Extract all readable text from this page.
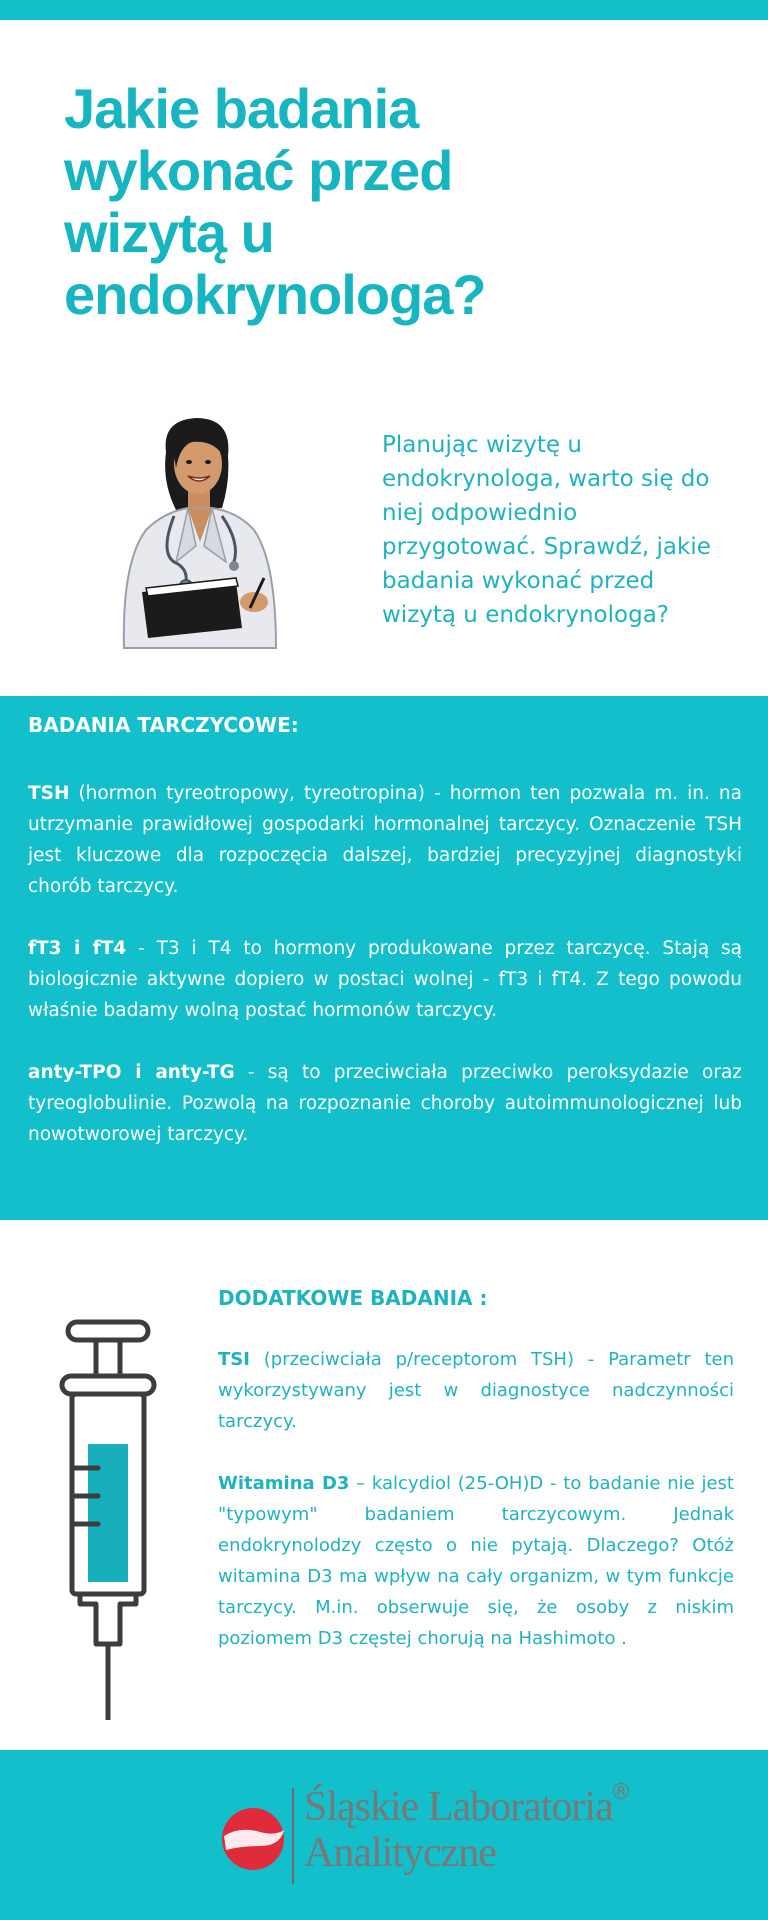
Jakie badania wykonać przed wizytą u endokrynologa?

Planując wizytę u endokrynologa, warto się do niej odpowiednio przygotować. Sprawdź, jakie badania wykonać przed wizytą u endokrynologa?

BADANIA TARCZYCOWE:

TSH (hormon tyreotropowy, tyreotropina) - hormon ten pozwala m. in. na utrzymanie prawidłowej gospodarki hormonalnej tarczycy. Oznaczenie TSH jest kluczowe dla rozpoczęcia dalszej, bardziej precyzyjnej diagnostyki chorób tarczycy.

fT3 i fT4 - T3 i T4 to hormony produkowane przez tarczycę. Stają są biologicznie aktywne dopiero w postaci wolnej - fT3 i fT4. Z tego powodu właśnie badamy wolną postać hormonów tarczycy.

anty-TPO i anty-TG - są to przeciwciała przeciwko peroksydazie oraz tyreoglobulinie. Pozwolą na rozpoznanie choroby autoimmunologicznej lub nowotworowej tarczycy.

DODATKOWE BADANIA :

TSI (przeciwciała p/receptorom TSH) - Parametr ten wykorzystywany jest w diagnostyce nadczynności tarczycy.

Witamina D3 – kalcydiol (25-OH)D - to badanie nie jest "typowym" badaniem tarczycowym. Jednak endokrynolodzy często o nie pytają. Dlaczego? Otóż witamina D3 ma wpływ na cały organizm, w tym funkcje tarczycy. M.in. obserwuje się, że osoby z niskim poziomem D3 częstej chorują na Hashimoto .

Śląskie Laboratoria
Analityczne
®
